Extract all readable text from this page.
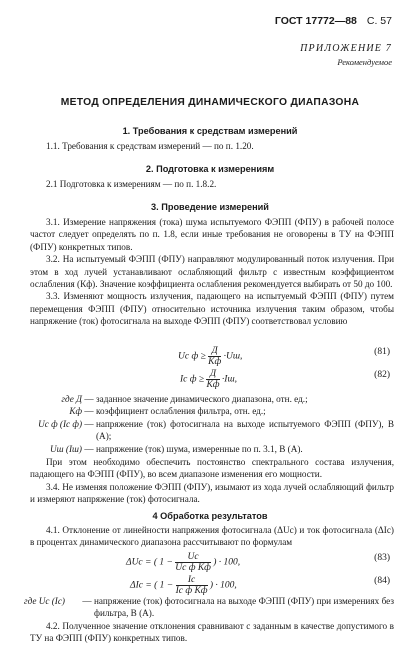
ГОСТ 17772—88 С. 57
ПРИЛОЖЕНИЕ 7
Рекомендуемое
МЕТОД ОПРЕДЕЛЕНИЯ ДИНАМИЧЕСКОГО ДИАПАЗОНА
1. Требования к средствам измерений

1.1. Требования к средствам измерений — по п. 1.20.

2. Подготовка к измерениям

2.1 Подготовка к измерениям — по п. 1.8.2.

3. Проведение измерений

3.1. Измерение напряжения (тока) шума испытуемого ФЭПП (ФПУ) в рабочей полосе частот следует определять по п. 1.8, если иные требования не оговорены в ТУ на ФЭПП (ФПУ) конкретных типов.

3.2. На испытуемый ФЭПП (ФПУ) направляют модулированный поток излучения. При этом в ход лучей устанавливают ослабляющий фильтр с известным коэффициентом ослабления (Кф). Значение коэффициента ослабления рекомендуется выбирать от 50 до 100.

3.3. Изменяют мощность излучения, падающего на испытуемый ФЭПП (ФПУ) путем перемещения ФЭПП (ФПУ) относительно источника излучения таким образом, чтобы напряжение (ток) фотосигнала на выходе ФЭПП (ФПУ) соответствовал условию

Uс $ф \ge \frac{Д}{Кф} \cdot Uш$,	(81)
Iс $ф \ge \frac{Д}{Кф} \cdot Iш$,	(82)
где Д — заданное значение динамического диапазона, отн. ед.;
Кф — коэффициент ослабления фильтра, отн. ед.;
Uс ф (Iс ф) — напряжение (ток) фотосигнала на выходе испытуемого ФЭПП (ФПУ), В (А);
Uш (Iш) — напряжение (ток) шума, измеренные по п. 3.1, В (А).

При этом необходимо обеспечить постоянство спектрального состава излучения, падающего на ФЭПП (ФПУ), во всем диапазоне изменения его мощности.

3.4. Не изменяя положение ФЭПП (ФПУ), изымают из хода лучей ослабляющий фильтр и измеряют напряжение (ток) фотосигнала.

4 Обработка результатов

4.1. Отклонение от линейности напряжения фотосигнала (ΔUс) и ток фотосигнала (ΔIс) в процентах динамического диапазона рассчитывают по формулам

ΔUс = ( $1 - \frac{Uс}{\text{Uс ф Кф}}$ ) · 100,	(83)
ΔIс = ( $1 - \frac{Iс}{\text{Iс ф Кф}}$ ) · 100,	(84)
где Uс (Iс)	— напряжение (ток) фотосигнала на выходе ФЭПП (ФПУ) при измерениях без фильтра, В (А).

4.2. Полученное значение отклонения сравнивают с заданным в качестве допустимого в ТУ на ФЭПП (ФПУ) конкретных типов.
